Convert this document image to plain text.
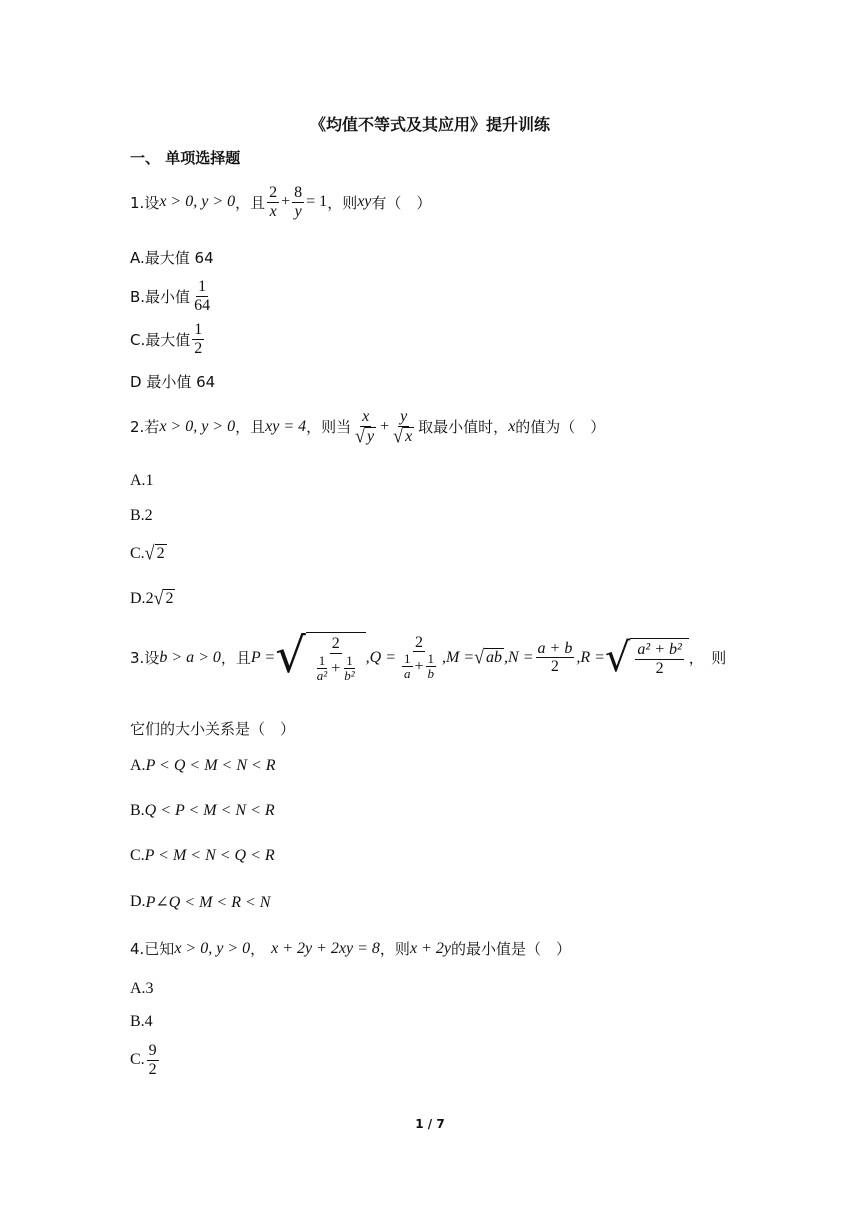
《均值不等式及其应用》提升训练
一、 单项选择题
1.设 x > 0, y > 0 ，且 $\frac{2}{x} + \frac{8}{y} = 1$ ，则 xy 有（　）
A.最大值 64
B.最小值 $\frac{1}{64}$
C.最大值 $\frac{1}{2}$
D 最小值 64
2.若 x > 0, y > 0 ，且 xy = 4 ，则当 $\frac{x}{√ y} + \frac{y}{√ x}$ 取最小值时， x 的值为（　）
A.1
B.2
C. √ 2
D. 2 √ 2
3.设 b > a > 0 ，且 P = √ $\frac{2}{\frac{1}{\text{a²}} + \frac{1}{\text{b²}}} ,Q = \frac{2}{\frac{1}{a} + \frac{1}{b}} ,M$ = √ ab $,N = \frac{a + b}{2} ,R$ = √ $\frac{\text{a² + b²}}{2}$ ，　则
它们的大小关系是（　）
A. P < Q < M < N < R
B. Q < P < M < N < R
C. P < M < N < Q < R
D. P∠Q < M < R < N
4.已知 x > 0, y > 0 ， x + 2y + 2xy = 8 ，则 x + 2y 的最小值是（　）
A.3
B.4
C. $\frac{9}{2}$
1 / 7
